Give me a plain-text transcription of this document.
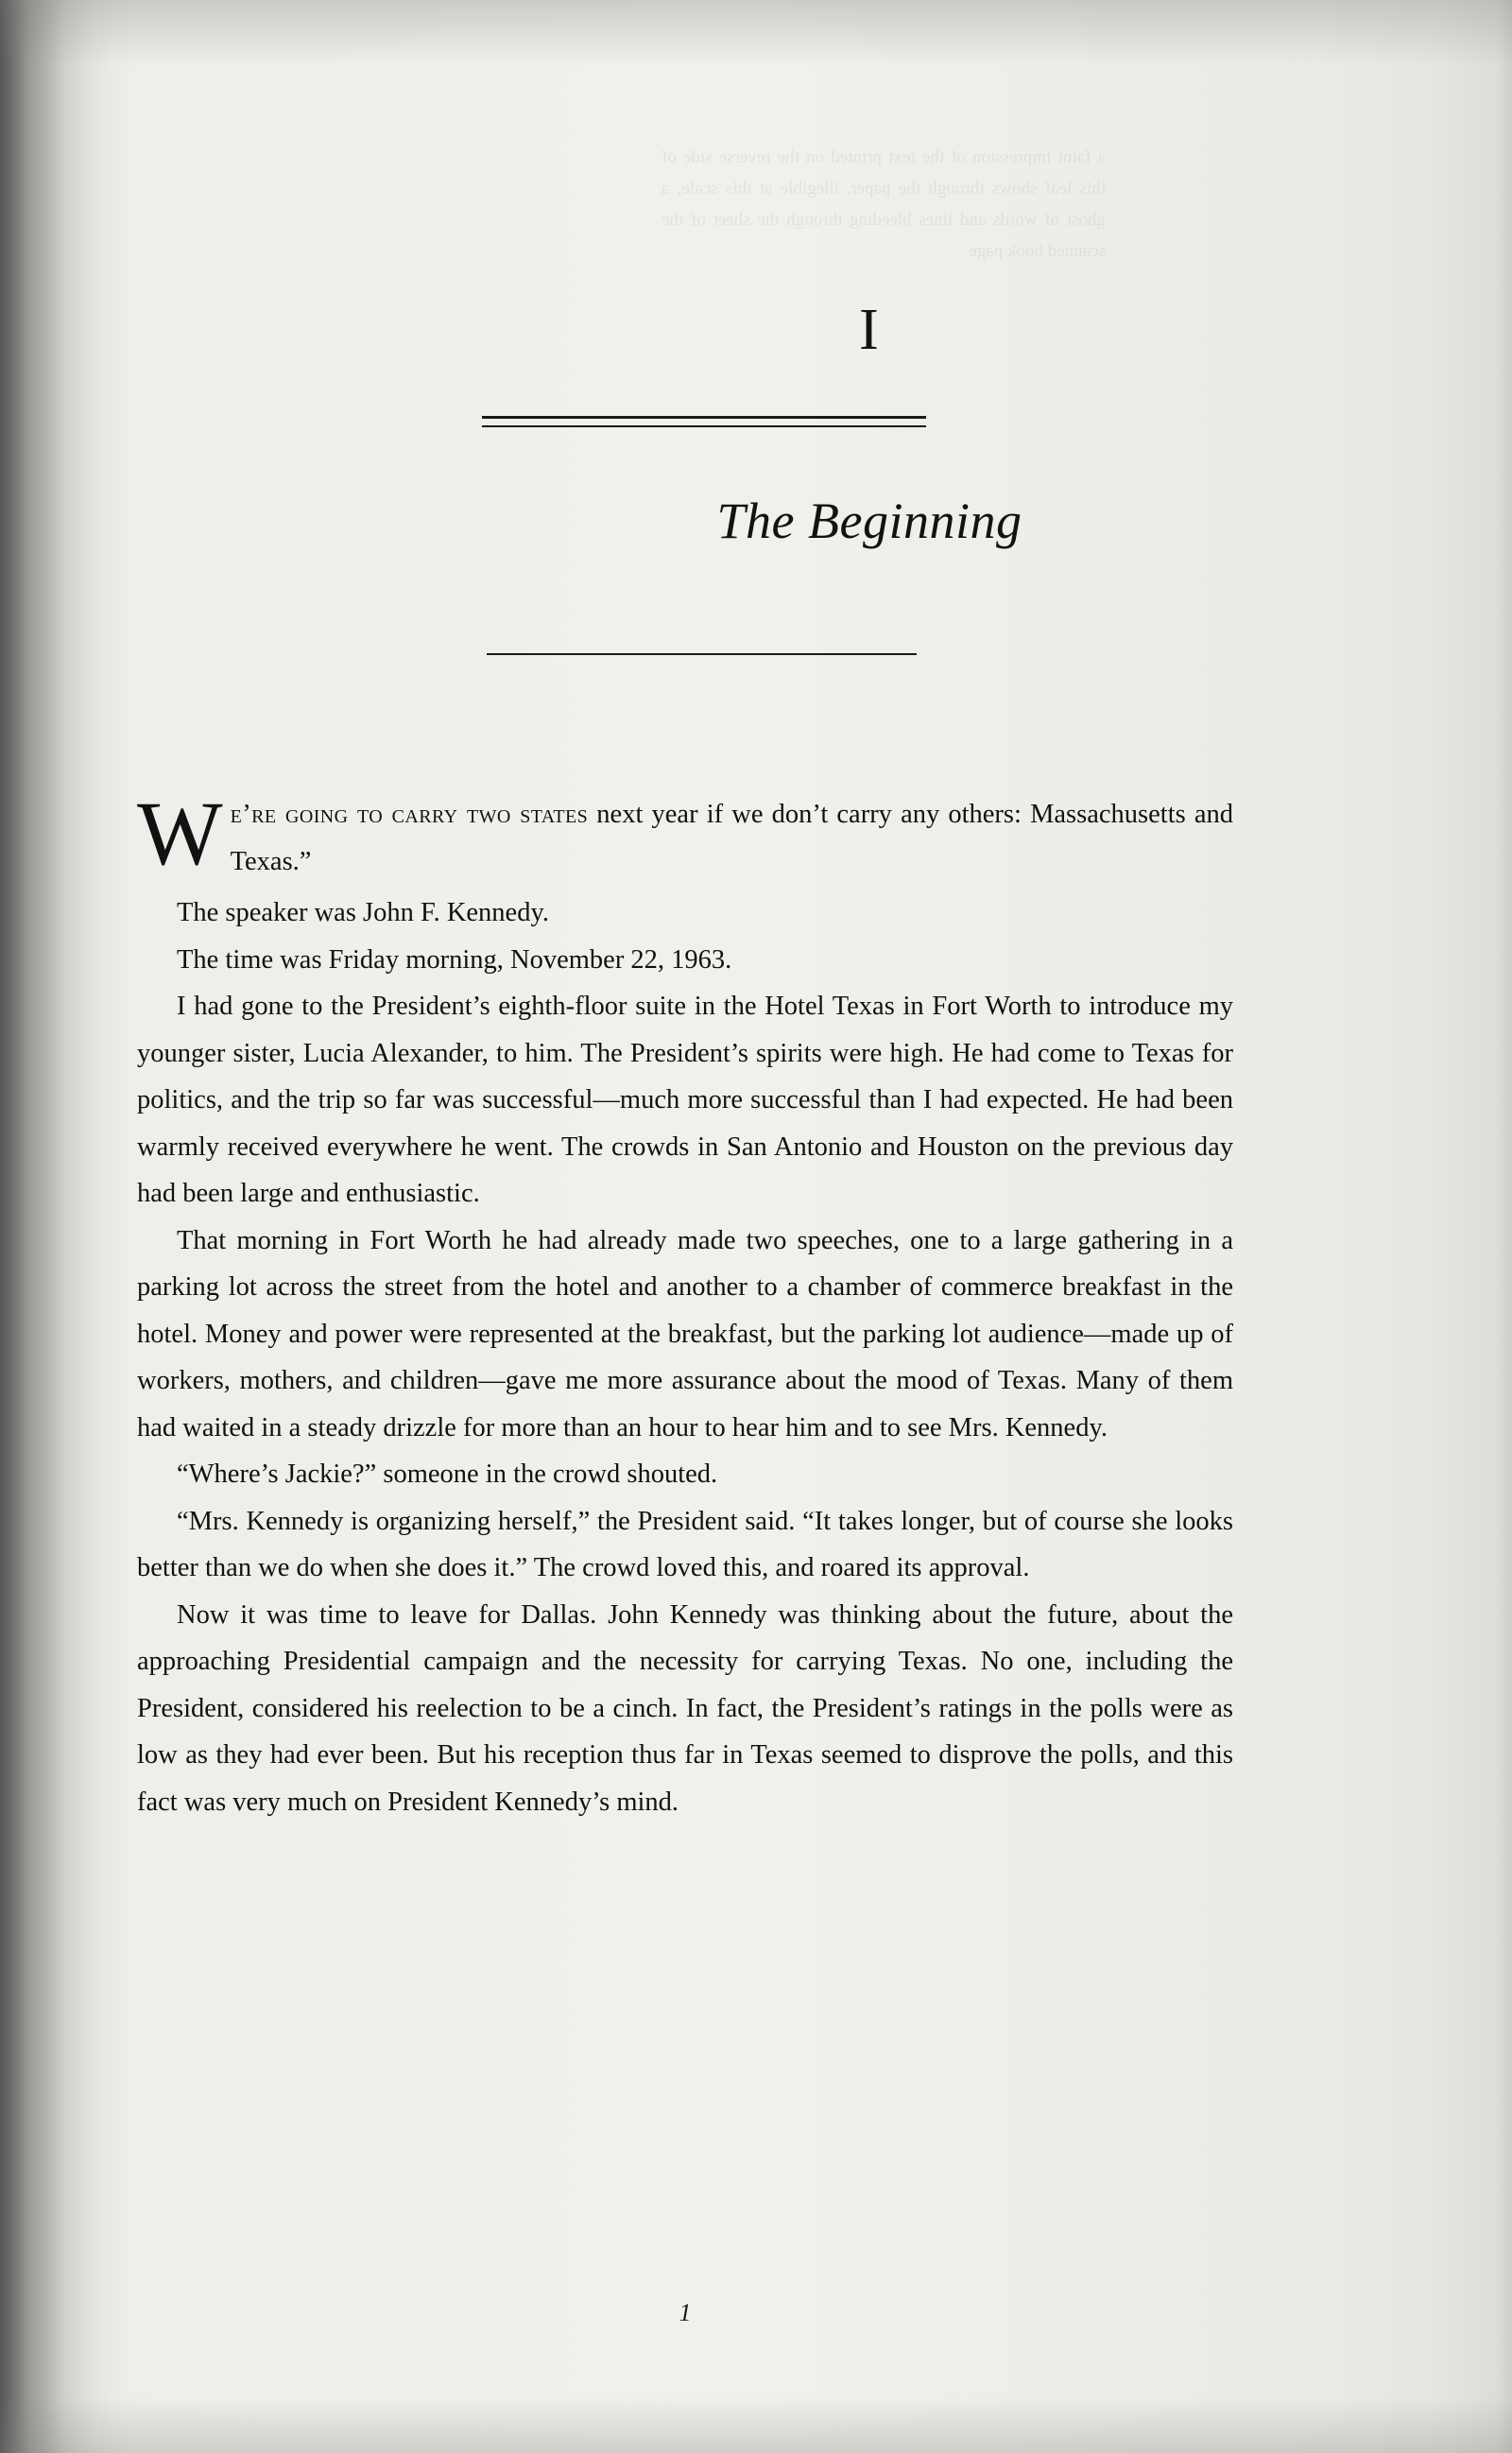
a faint impression of the text printed on the reverse side of this leaf shows through the paper, illegible at this scale, a ghost of words and lines bleeding through the sheet of the scanned book page
I
The Beginning

We’re going to carry two states next year if we don’t carry any others: Massachusetts and Texas.”

The speaker was John F. Kennedy.

The time was Friday morning, November 22, 1963.

I had gone to the President’s eighth-floor suite in the Hotel Texas in Fort Worth to introduce my younger sister, Lucia Alexander, to him. The President’s spirits were high. He had come to Texas for politics, and the trip so far was successful—much more successful than I had expected. He had been warmly received everywhere he went. The crowds in San Antonio and Houston on the previous day had been large and enthusiastic.

That morning in Fort Worth he had already made two speeches, one to a large gathering in a parking lot across the street from the hotel and another to a chamber of commerce breakfast in the hotel. Money and power were represented at the breakfast, but the parking lot audience—made up of workers, mothers, and children—gave me more assurance about the mood of Texas. Many of them had waited in a steady drizzle for more than an hour to hear him and to see Mrs. Kennedy.

“Where’s Jackie?” someone in the crowd shouted.

“Mrs. Kennedy is organizing herself,” the President said. “It takes longer, but of course she looks better than we do when she does it.” The crowd loved this, and roared its approval.

Now it was time to leave for Dallas. John Kennedy was thinking about the future, about the approaching Presidential campaign and the necessity for carrying Texas. No one, including the President, considered his reelection to be a cinch. In fact, the President’s ratings in the polls were as low as they had ever been. But his reception thus far in Texas seemed to disprove the polls, and this fact was very much on President Kennedy’s mind.

1
